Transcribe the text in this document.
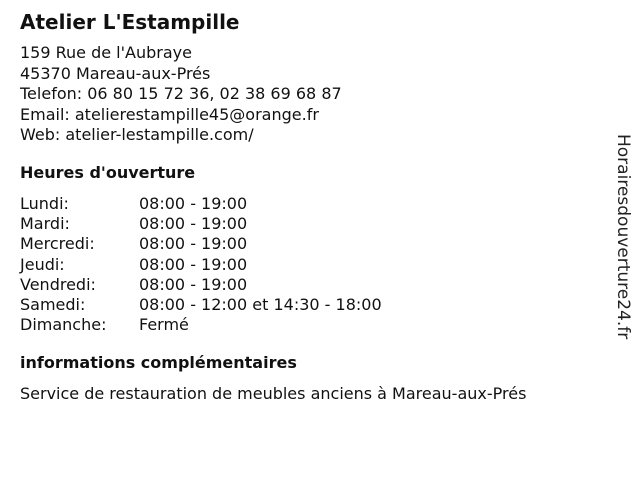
Atelier L'Estampille
159 Rue de l'Aubraye
45370 Mareau-aux-Prés
Telefon: 06 80 15 72 36, 02 38 69 68 87
Email: atelierestampille45@orange.fr
Web: atelier-lestampille.com/
Heures d'ouverture
Lundi:	08:00 - 19:00
Mardi:	08:00 - 19:00
Mercredi:	08:00 - 19:00
Jeudi:	08:00 - 19:00
Vendredi:	08:00 - 19:00
Samedi:	08:00 - 12:00 et 14:30 - 18:00
Dimanche: Fermé
informations complémentaires
Service de restauration de meubles anciens à Mareau-aux-Prés
Horairesdouverture24.fr
